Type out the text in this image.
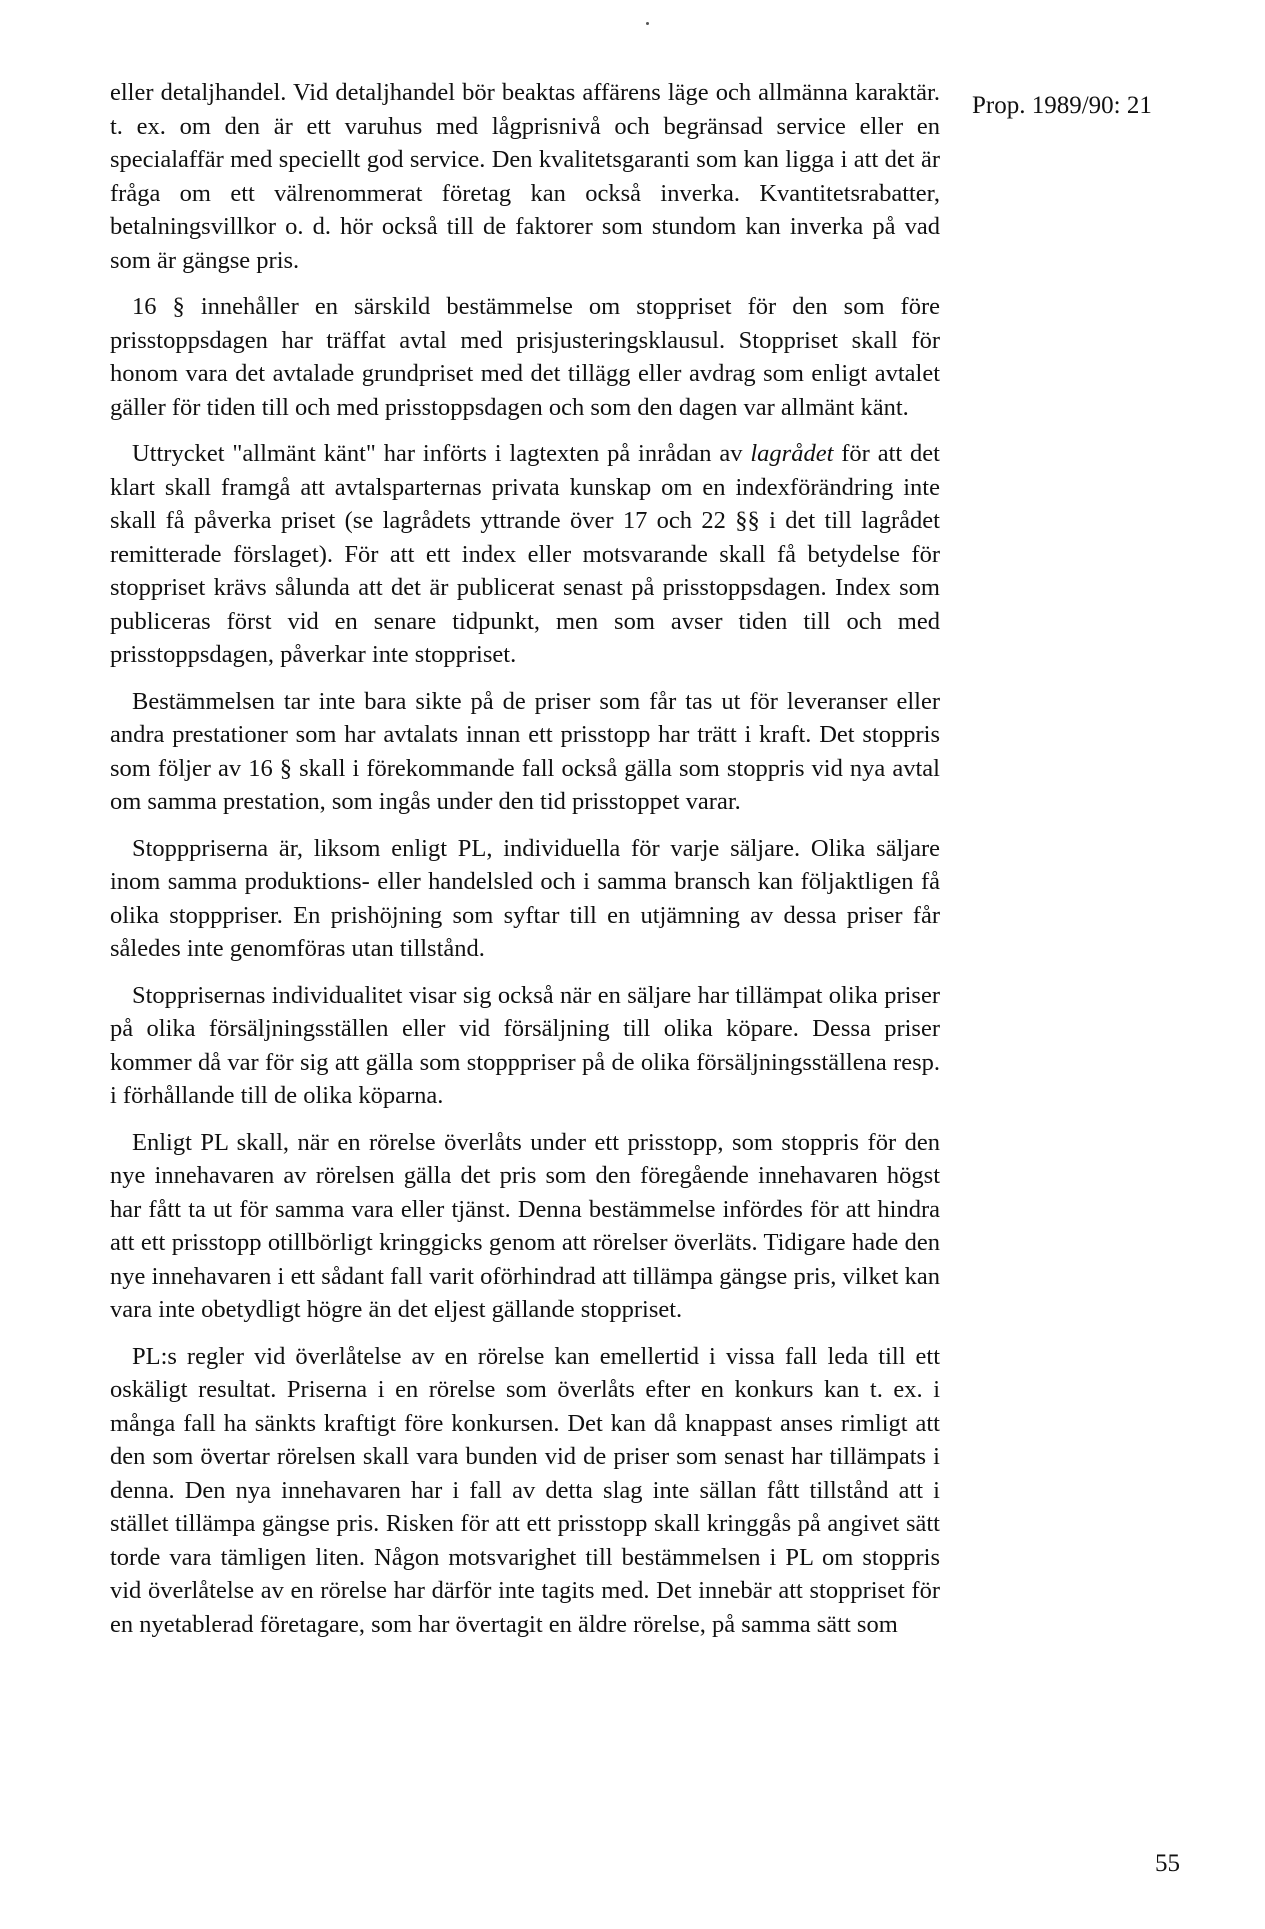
Prop. 1989/90: 21

eller detaljhandel. Vid detaljhandel bör beaktas affärens läge och allmänna karaktär. t. ex. om den är ett varuhus med lågprisnivå och begränsad service eller en specialaffär med speciellt god service. Den kvalitetsgaranti som kan ligga i att det är fråga om ett välrenommerat företag kan också inverka. Kvantitetsrabatter, betalningsvillkor o. d. hör också till de faktorer som stundom kan inverka på vad som är gängse pris.

16 § innehåller en särskild bestämmelse om stoppriset för den som före prisstoppsdagen har träffat avtal med prisjusteringsklausul. Stoppriset skall för honom vara det avtalade grundpriset med det tillägg eller avdrag som enligt avtalet gäller för tiden till och med prisstoppsdagen och som den dagen var allmänt känt.

Uttrycket "allmänt känt" har införts i lagtexten på inrådan av lagrådet för att det klart skall framgå att avtalsparternas privata kunskap om en indexförändring inte skall få påverka priset (se lagrådets yttrande över 17 och 22 §§ i det till lagrådet remitterade förslaget). För att ett index eller motsvarande skall få betydelse för stoppriset krävs sålunda att det är publicerat senast på prisstoppsdagen. Index som publiceras först vid en senare tidpunkt, men som avser tiden till och med prisstoppsdagen, påverkar inte stoppriset.

Bestämmelsen tar inte bara sikte på de priser som får tas ut för leveranser eller andra prestationer som har avtalats innan ett prisstopp har trätt i kraft. Det stoppris som följer av 16 § skall i förekommande fall också gälla som stoppris vid nya avtal om samma prestation, som ingås under den tid prisstoppet varar.

Stopppriserna är, liksom enligt PL, individuella för varje säljare. Olika säljare inom samma produktions- eller handelsled och i samma bransch kan följaktligen få olika stopppriser. En prishöjning som syftar till en utjämning av dessa priser får således inte genomföras utan tillstånd.

Stopprisernas individualitet visar sig också när en säljare har tillämpat olika priser på olika försäljningsställen eller vid försäljning till olika köpare. Dessa priser kommer då var för sig att gälla som stopppriser på de olika försäljningsställena resp. i förhållande till de olika köparna.

Enligt PL skall, när en rörelse överlåts under ett prisstopp, som stoppris för den nye innehavaren av rörelsen gälla det pris som den föregående innehavaren högst har fått ta ut för samma vara eller tjänst. Denna bestämmelse infördes för att hindra att ett prisstopp otillbörligt kringgicks genom att rörelser överläts. Tidigare hade den nye innehavaren i ett sådant fall varit oförhindrad att tillämpa gängse pris, vilket kan vara inte obetydligt högre än det eljest gällande stoppriset.

PL:s regler vid överlåtelse av en rörelse kan emellertid i vissa fall leda till ett oskäligt resultat. Priserna i en rörelse som överlåts efter en konkurs kan t. ex. i många fall ha sänkts kraftigt före konkursen. Det kan då knappast anses rimligt att den som övertar rörelsen skall vara bunden vid de priser som senast har tillämpats i denna. Den nya innehavaren har i fall av detta slag inte sällan fått tillstånd att i stället tillämpa gängse pris. Risken för att ett prisstopp skall kringgås på angivet sätt torde vara tämligen liten. Någon motsvarighet till bestämmelsen i PL om stoppris vid överlåtelse av en rörelse har därför inte tagits med. Det innebär att stoppriset för en nyetablerad företagare, som har övertagit en äldre rörelse, på samma sätt som

55
